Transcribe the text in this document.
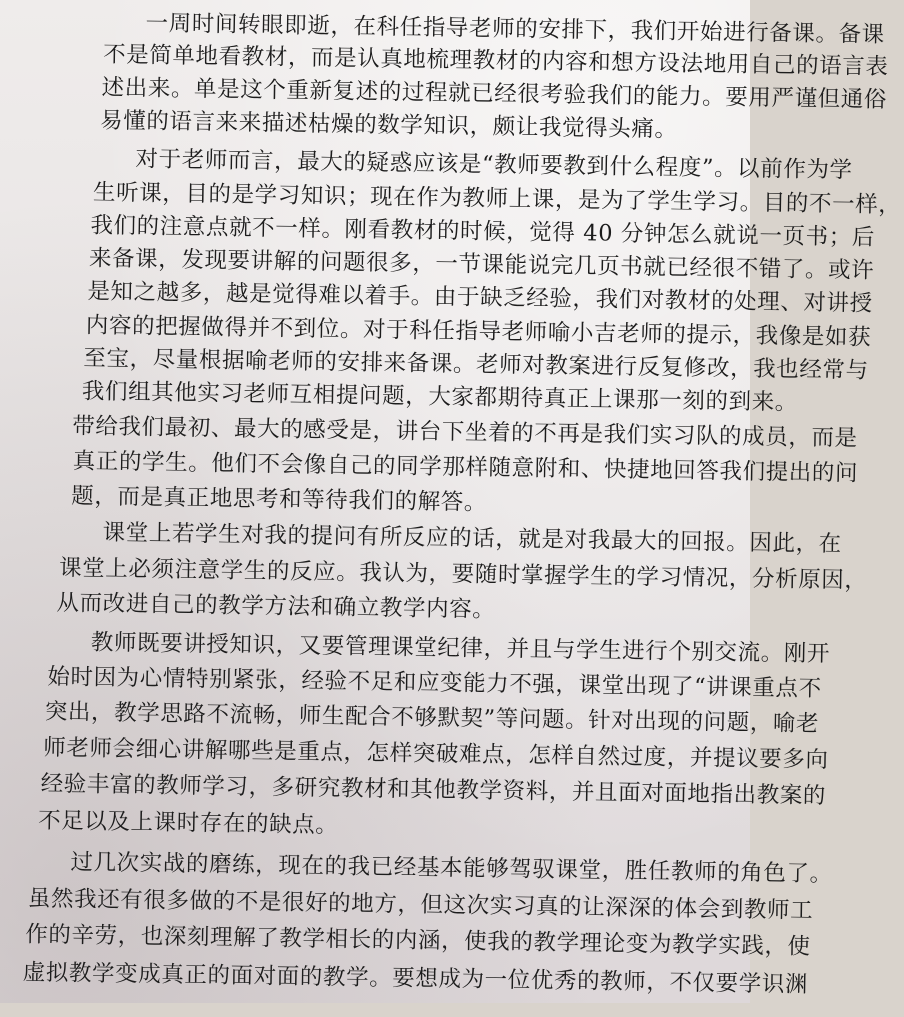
一周时间转眼即逝，在科任指导老师的安排下，我们开始进行备课。备课
不是简单地看教材，而是认真地梳理教材的内容和想方设法地用自己的语言表
述出来。单是这个重新复述的过程就已经很考验我们的能力。要用严谨但通俗
易懂的语言来来描述枯燥的数学知识，颇让我觉得头痛。
对于老师而言，最大的疑惑应该是“教师要教到什么程度”。以前作为学
生听课，目的是学习知识；现在作为教师上课，是为了学生学习。目的不一样，
我们的注意点就不一样。刚看教材的时候，觉得 40 分钟怎么就说一页书；后
来备课，发现要讲解的问题很多，一节课能说完几页书就已经很不错了。或许
是知之越多，越是觉得难以着手。由于缺乏经验，我们对教材的处理、对讲授
内容的把握做得并不到位。对于科任指导老师喻小吉老师的提示，我像是如获
至宝，尽量根据喻老师的安排来备课。老师对教案进行反复修改，我也经常与
我们组其他实习老师互相提问题，大家都期待真正上课那一刻的到来。
带给我们最初、最大的感受是，讲台下坐着的不再是我们实习队的成员，而是
真正的学生。他们不会像自己的同学那样随意附和、快捷地回答我们提出的问
题，而是真正地思考和等待我们的解答。
课堂上若学生对我的提问有所反应的话，就是对我最大的回报。因此，在
课堂上必须注意学生的反应。我认为，要随时掌握学生的学习情况，分析原因，
从而改进自己的教学方法和确立教学内容。
教师既要讲授知识，又要管理课堂纪律，并且与学生进行个别交流。刚开
始时因为心情特别紧张，经验不足和应变能力不强，课堂出现了“讲课重点不
突出，教学思路不流畅，师生配合不够默契”等问题。针对出现的问题，喻老
师老师会细心讲解哪些是重点，怎样突破难点，怎样自然过度，并提议要多向
经验丰富的教师学习，多研究教材和其他教学资料，并且面对面地指出教案的
不足以及上课时存在的缺点。
过几次实战的磨练，现在的我已经基本能够驾驭课堂，胜任教师的角色了。
虽然我还有很多做的不是很好的地方，但这次实习真的让深深的体会到教师工
作的辛劳，也深刻理解了教学相长的内涵，使我的教学理论变为教学实践，使
虚拟教学变成真正的面对面的教学。要想成为一位优秀的教师，不仅要学识渊
